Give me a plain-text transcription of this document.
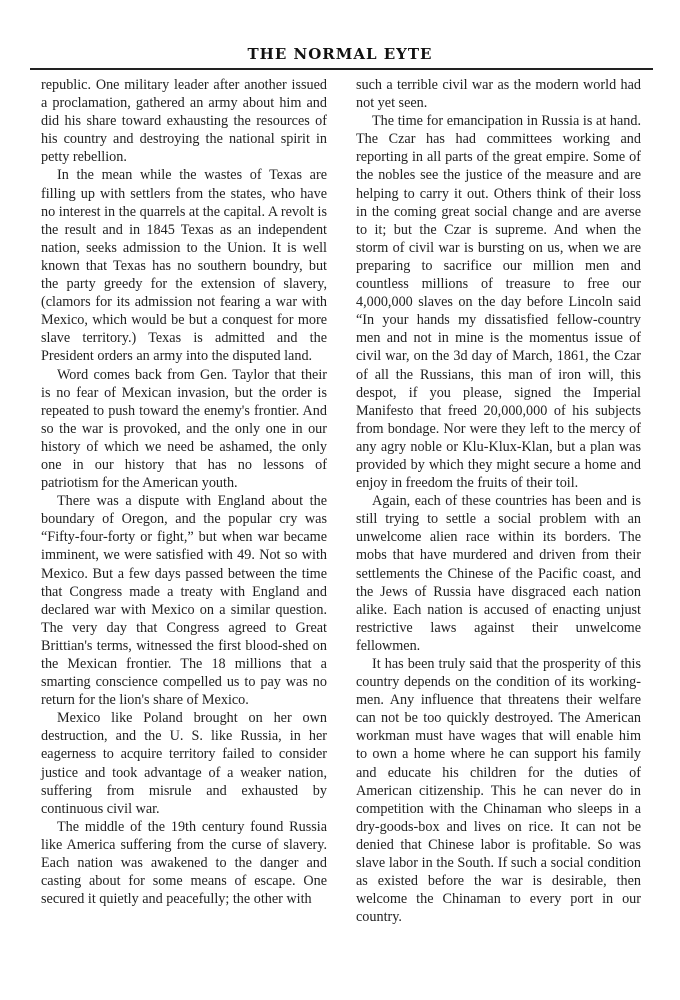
THE NORMAL EYTE

republic. One military leader after another issued a proclamation, gathered an army about him and did his share toward exhausting the resources of his country and destroying the national spirit in petty rebellion.

In the mean while the wastes of Texas are filling up with settlers from the states, who have no interest in the quarrels at the capital. A revolt is the result and in 1845 Texas as an independent nation, seeks admission to the Union. It is well known that Texas has no southern boundry, but the party greedy for the extension of slavery, (clamors for its admission not fearing a war with Mexico, which would be but a conquest for more slave territory.) Texas is admitted and the President orders an army into the disputed land.

Word comes back from Gen. Taylor that their is no fear of Mexican invasion, but the order is repeated to push toward the enemy's frontier. And so the war is provoked, and the only one in our history of which we need be ashamed, the only one in our history that has no lessons of patriotism for the American youth.

There was a dispute with England about the boundary of Oregon, and the popular cry was “Fifty-four-forty or fight,” but when war became imminent, we were satisfied with 49. Not so with Mexico. But a few days passed between the time that Congress made a treaty with England and declared war with Mexico on a similar question. The very day that Congress agreed to Great Brittian's terms, witnessed the first blood-shed on the Mexican frontier. The 18 millions that a smarting conscience compelled us to pay was no return for the lion's share of Mexico.

Mexico like Poland brought on her own destruction, and the U. S. like Russia, in her eagerness to acquire territory failed to consider justice and took advantage of a weaker nation, suffering from misrule and exhausted by continuous civil war.

The middle of the 19th century found Russia like America suffering from the curse of slavery. Each nation was awakened to the danger and casting about for some means of escape. One secured it quietly and peacefully; the other with

such a terrible civil war as the modern world had not yet seen.

The time for emancipation in Russia is at hand. The Czar has had committees working and reporting in all parts of the great empire. Some of the nobles see the justice of the measure and are helping to carry it out. Others think of their loss in the coming great social change and are averse to it; but the Czar is supreme. And when the storm of civil war is bursting on us, when we are preparing to sacrifice our million men and countless millions of treasure to free our 4,000,000 slaves on the day before Lincoln said “In your hands my dissatisfied fellow-country men and not in mine is the momentus issue of civil war, on the 3d day of March, 1861, the Czar of all the Russians, this man of iron will, this despot, if you please, signed the Imperial Manifesto that freed 20,000,000 of his subjects from bondage. Nor were they left to the mercy of any agry noble or Klu-Klux-Klan, but a plan was provided by which they might secure a home and enjoy in freedom the fruits of their toil.

Again, each of these countries has been and is still trying to settle a social problem with an unwelcome alien race within its borders. The mobs that have murdered and driven from their settlements the Chinese of the Pacific coast, and the Jews of Russia have disgraced each nation alike. Each nation is accused of enacting unjust restrictive laws against their unwelcome fellowmen.

It has been truly said that the prosperity of this country depends on the condition of its working-men. Any influence that threatens their welfare can not be too quickly destroyed. The American workman must have wages that will enable him to own a home where he can support his family and educate his children for the duties of American citizenship. This he can never do in competition with the Chinaman who sleeps in a dry-goods-box and lives on rice. It can not be denied that Chinese labor is profitable. So was slave labor in the South. If such a social condition as existed before the war is desirable, then welcome the Chinaman to every port in our country.
